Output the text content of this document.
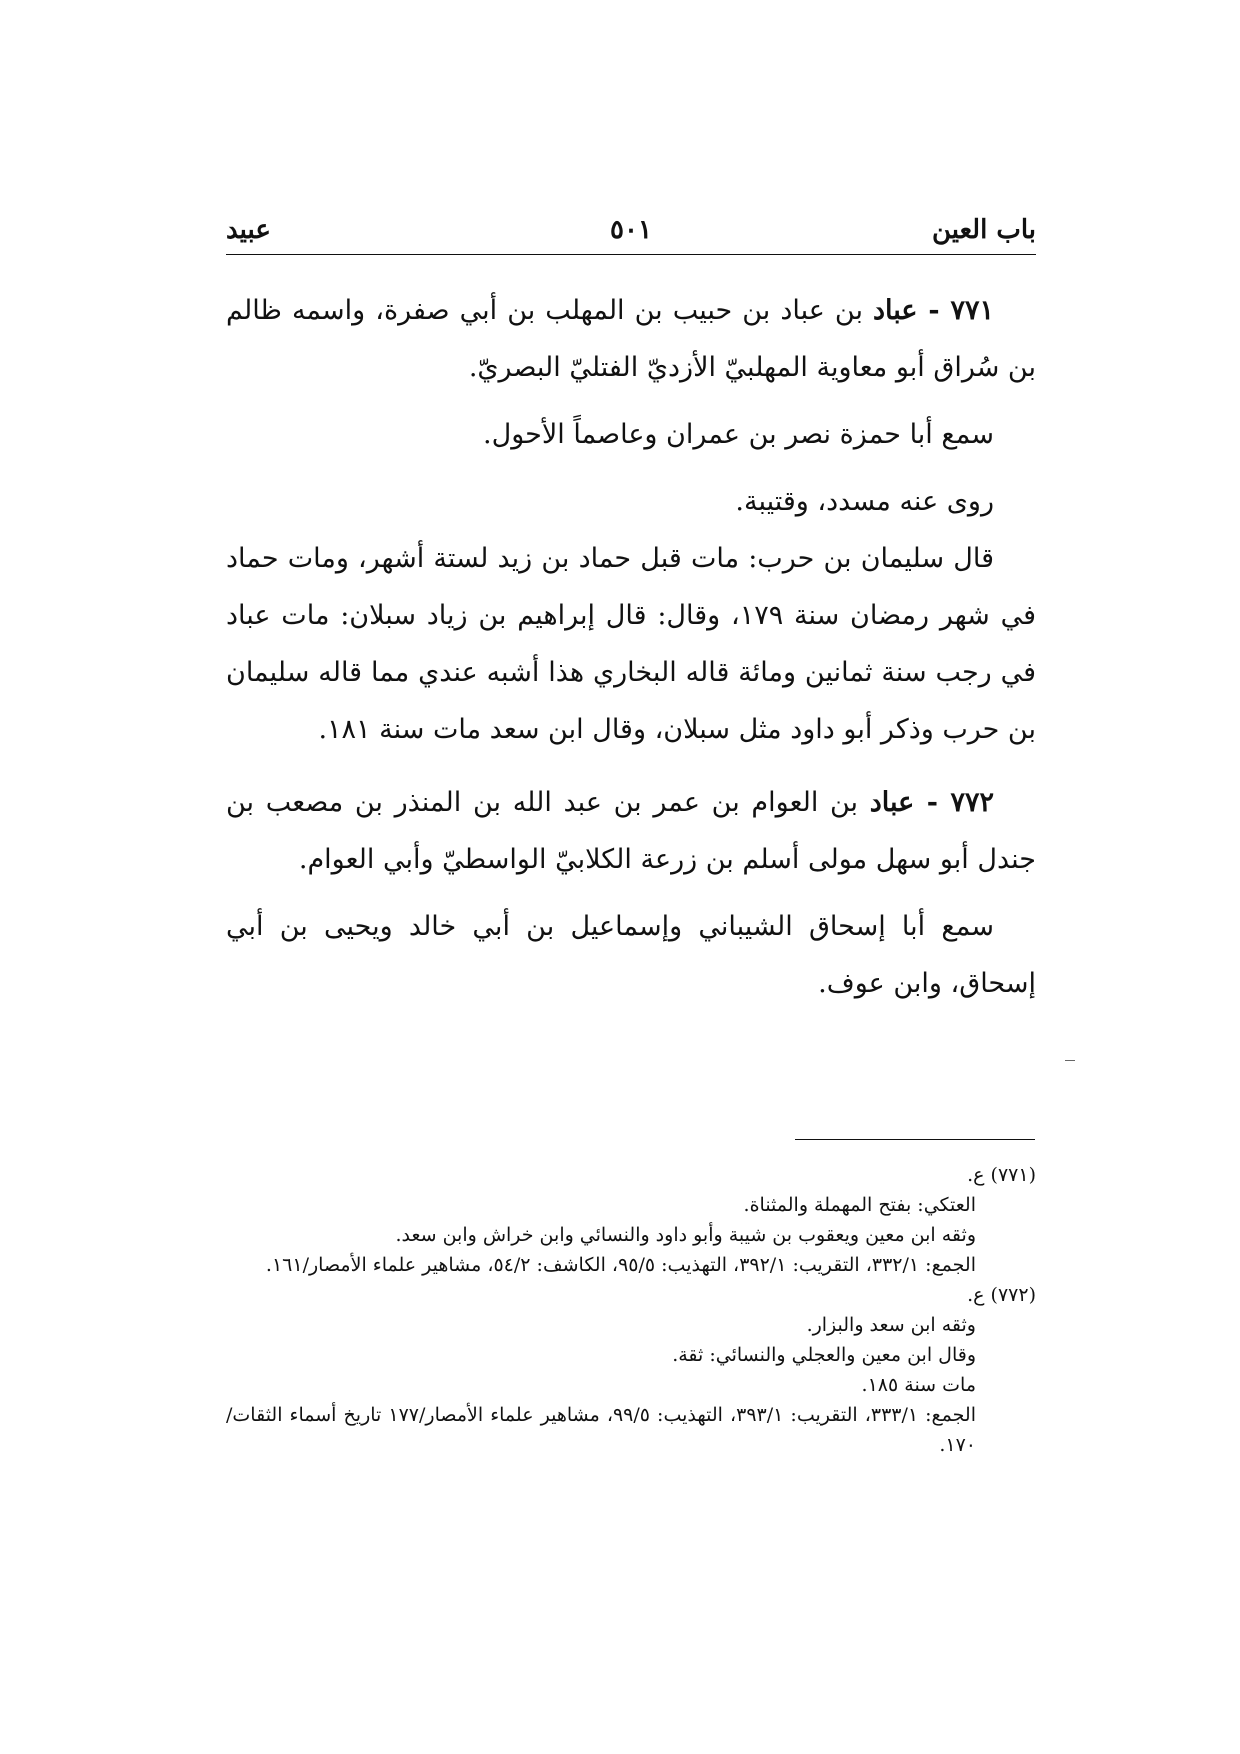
باب العين
٥٠١
عبيد

٧٧١ - عباد بن عباد بن حبيب بن المهلب بن أبي صفرة، واسمه ظالم بن سُراق أبو معاوية المهلبيّ الأزديّ الفتليّ البصريّ.

سمع أبا حمزة نصر بن عمران وعاصماً الأحول.

روى عنه مسدد، وقتيبة.

قال سليمان بن حرب: مات قبل حماد بن زيد لستة أشهر، ومات حماد في شهر رمضان سنة ١٧٩، وقال: قال إبراهيم بن زياد سبلان: مات عباد في رجب سنة ثمانين ومائة قاله البخاري هذا أشبه عندي مما قاله سليمان بن حرب وذكر أبو داود مثل سبلان، وقال ابن سعد مات سنة ١٨١.

٧٧٢ - عباد بن العوام بن عمر بن عبد الله بن المنذر بن مصعب بن جندل أبو سهل مولى أسلم بن زرعة الكلابيّ الواسطيّ وأبي العوام.

سمع أبا إسحاق الشيباني وإسماعيل بن أبي خالد ويحيى بن أبي إسحاق، وابن عوف.

(٧٧١) ع.

العتكي: بفتح المهملة والمثناة.

وثقه ابن معين ويعقوب بن شيبة وأبو داود والنسائي وابن خراش وابن سعد.

الجمع: ٣٣٢/١، التقريب: ٣٩٢/١، التهذيب: ٩٥/٥، الكاشف: ٥٤/٢، مشاهير علماء الأمصار/١٦١.

(٧٧٢) ع.

وثقه ابن سعد والبزار.

وقال ابن معين والعجلي والنسائي: ثقة.

مات سنة ١٨٥.

الجمع: ٣٣٣/١، التقريب: ٣٩٣/١، التهذيب: ٩٩/٥، مشاهير علماء الأمصار/١٧٧ تاريخ أسماء الثقات/١٧٠.
